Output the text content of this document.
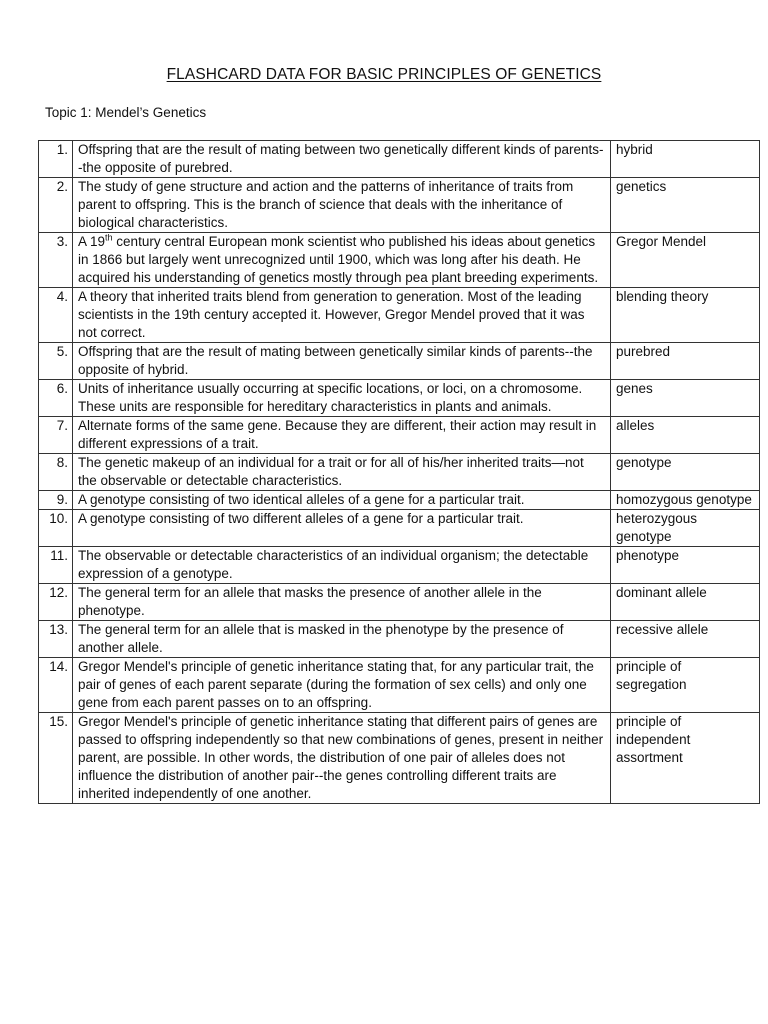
FLASHCARD DATA FOR BASIC PRINCIPLES OF GENETICS
Topic 1: Mendel’s Genetics
1.	Offspring that are the result of mating between two genetically different kinds of parents--the opposite of purebred.	hybrid
2.	The study of gene structure and action and the patterns of inheritance of traits from parent to offspring. This is the branch of science that deals with the inheritance of biological characteristics.	genetics
3.	A 19th century central European monk scientist who published his ideas about genetics in 1866 but largely went unrecognized until 1900, which was long after his death. He acquired his understanding of genetics mostly through pea plant breeding experiments.	Gregor Mendel
4.	A theory that inherited traits blend from generation to generation. Most of the leading scientists in the 19th century accepted it. However, Gregor Mendel proved that it was not correct.	blending theory
5.	Offspring that are the result of mating between genetically similar kinds of parents--the opposite of hybrid.	purebred
6.	Units of inheritance usually occurring at specific locations, or loci, on a chromosome. These units are responsible for hereditary characteristics in plants and animals.	genes
7.	Alternate forms of the same gene. Because they are different, their action may result in different expressions of a trait.	alleles
8.	The genetic makeup of an individual for a trait or for all of his/her inherited traits—not the observable or detectable characteristics.	genotype
9.	A genotype consisting of two identical alleles of a gene for a particular trait.	homozygous genotype
10.	A genotype consisting of two different alleles of a gene for a particular trait.	heterozygous genotype
11.	The observable or detectable characteristics of an individual organism; the detectable expression of a genotype.	phenotype
12.	The general term for an allele that masks the presence of another allele in the phenotype.	dominant allele
13.	The general term for an allele that is masked in the phenotype by the presence of another allele.	recessive allele
14.	Gregor Mendel's principle of genetic inheritance stating that, for any particular trait, the pair of genes of each parent separate (during the formation of sex cells) and only one gene from each parent passes on to an offspring.	principle of segregation
15.	Gregor Mendel's principle of genetic inheritance stating that different pairs of genes are passed to offspring independently so that new combinations of genes, present in neither parent, are possible. In other words, the distribution of one pair of alleles does not influence the distribution of another pair--the genes controlling different traits are inherited independently of one another.	principle of independent assortment
